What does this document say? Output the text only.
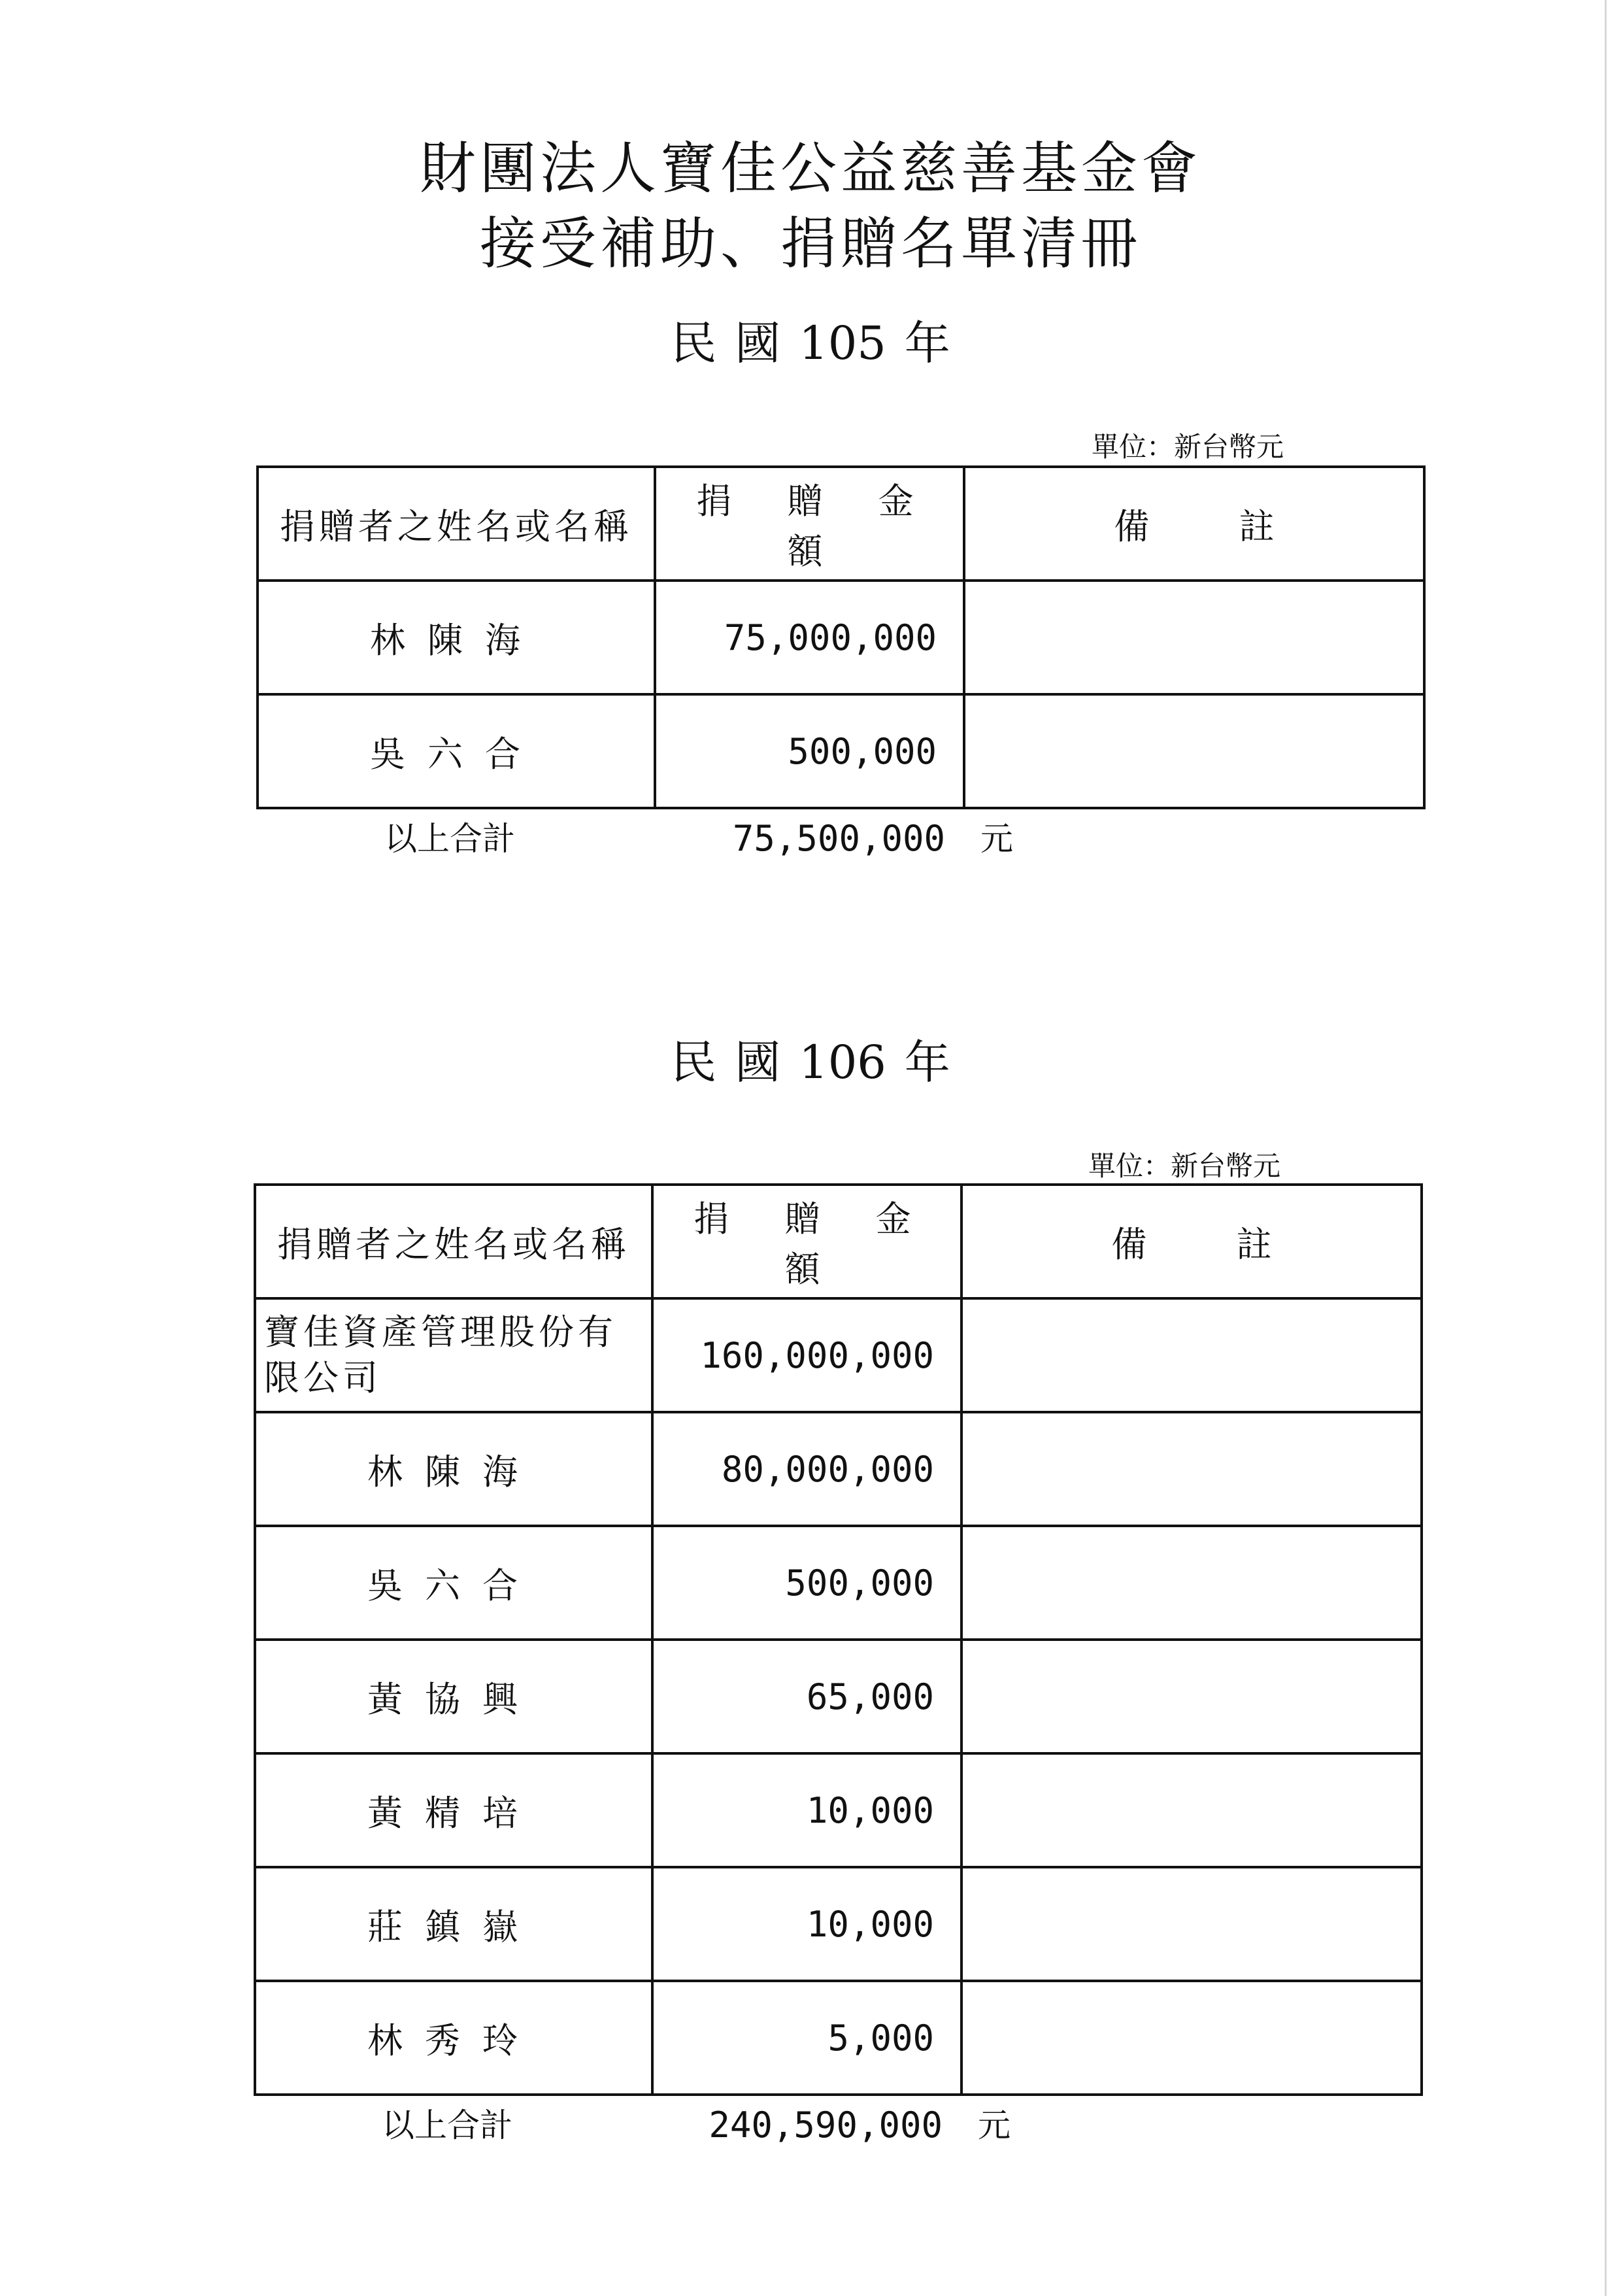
財團法人寶佳公益慈善基金會
接受補助、捐贈名單清冊
民 國 105 年
單位：新台幣元
捐贈者之姓名或名稱	捐 贈 金 額	備 註
林陳海	75,000,000	
吳六合	500,000	
以上合計	75,500,000 元
民 國 106 年
單位：新台幣元
捐贈者之姓名或名稱	捐 贈 金 額	備 註
寶佳資產管理股份有限公司	160,000,000	
林陳海	80,000,000	
吳六合	500,000	
黃協興	65,000	
黃精培	10,000	
莊鎮嶽	10,000	
林秀玲	5,000	
以上合計	240,590,000 元
